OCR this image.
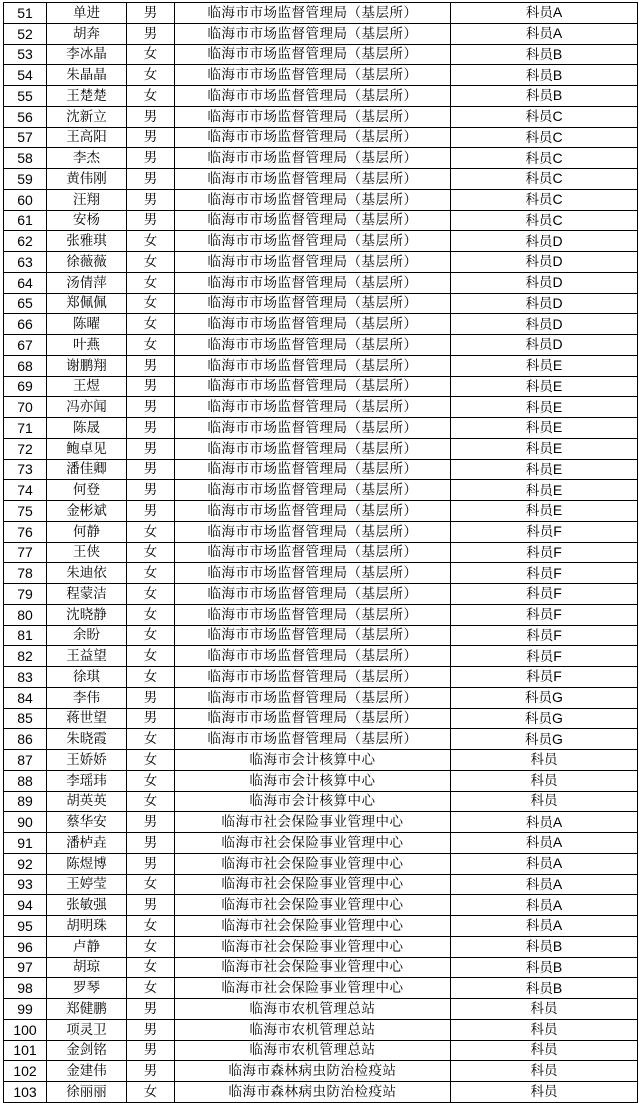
51	单进	男	临海市市场监督管理局（基层所）	科员A
52	胡奔	男	临海市市场监督管理局（基层所）	科员A
53	李冰晶	女	临海市市场监督管理局（基层所）	科员B
54	朱晶晶	女	临海市市场监督管理局（基层所）	科员B
55	王楚楚	女	临海市市场监督管理局（基层所）	科员B
56	沈新立	男	临海市市场监督管理局（基层所）	科员C
57	王高阳	男	临海市市场监督管理局（基层所）	科员C
58	李杰	男	临海市市场监督管理局（基层所）	科员C
59	黄伟刚	男	临海市市场监督管理局（基层所）	科员C
60	汪翔	男	临海市市场监督管理局（基层所）	科员C
61	安杨	男	临海市市场监督管理局（基层所）	科员C
62	张雅琪	女	临海市市场监督管理局（基层所）	科员D
63	徐薇薇	女	临海市市场监督管理局（基层所）	科员D
64	汤倩萍	女	临海市市场监督管理局（基层所）	科员D
65	郑佩佩	女	临海市市场监督管理局（基层所）	科员D
66	陈曜	女	临海市市场监督管理局（基层所）	科员D
67	叶燕	女	临海市市场监督管理局（基层所）	科员D
68	谢鹏翔	男	临海市市场监督管理局（基层所）	科员E
69	王煜	男	临海市市场监督管理局（基层所）	科员E
70	冯亦闻	男	临海市市场监督管理局（基层所）	科员E
71	陈晟	男	临海市市场监督管理局（基层所）	科员E
72	鲍卓见	男	临海市市场监督管理局（基层所）	科员E
73	潘佳卿	男	临海市市场监督管理局（基层所）	科员E
74	何登	男	临海市市场监督管理局（基层所）	科员E
75	金彬斌	男	临海市市场监督管理局（基层所）	科员E
76	何静	女	临海市市场监督管理局（基层所）	科员F
77	王侠	女	临海市市场监督管理局（基层所）	科员F
78	朱迪依	女	临海市市场监督管理局（基层所）	科员F
79	程蒙洁	女	临海市市场监督管理局（基层所）	科员F
80	沈晓静	女	临海市市场监督管理局（基层所）	科员F
81	余盼	女	临海市市场监督管理局（基层所）	科员F
82	王益望	女	临海市市场监督管理局（基层所）	科员F
83	徐琪	女	临海市市场监督管理局（基层所）	科员F
84	李伟	男	临海市市场监督管理局（基层所）	科员G
85	蒋世望	男	临海市市场监督管理局（基层所）	科员G
86	朱晓霞	女	临海市市场监督管理局（基层所）	科员G
87	王娇娇	女	临海市会计核算中心	科员
88	李瑶玮	女	临海市会计核算中心	科员
89	胡英英	女	临海市会计核算中心	科员
90	蔡华安	男	临海市社会保险事业管理中心	科员A
91	潘栌垚	男	临海市社会保险事业管理中心	科员A
92	陈煜博	男	临海市社会保险事业管理中心	科员A
93	王婷莹	女	临海市社会保险事业管理中心	科员A
94	张敏强	男	临海市社会保险事业管理中心	科员A
95	胡明珠	女	临海市社会保险事业管理中心	科员A
96	卢静	女	临海市社会保险事业管理中心	科员B
97	胡琼	女	临海市社会保险事业管理中心	科员B
98	罗琴	女	临海市社会保险事业管理中心	科员B
99	郑健鹏	男	临海市农机管理总站	科员
100	项灵卫	男	临海市农机管理总站	科员
101	金剑铭	男	临海市农机管理总站	科员
102	金建伟	男	临海市森林病虫防治检疫站	科员
103	徐丽丽	女	临海市森林病虫防治检疫站	科员
